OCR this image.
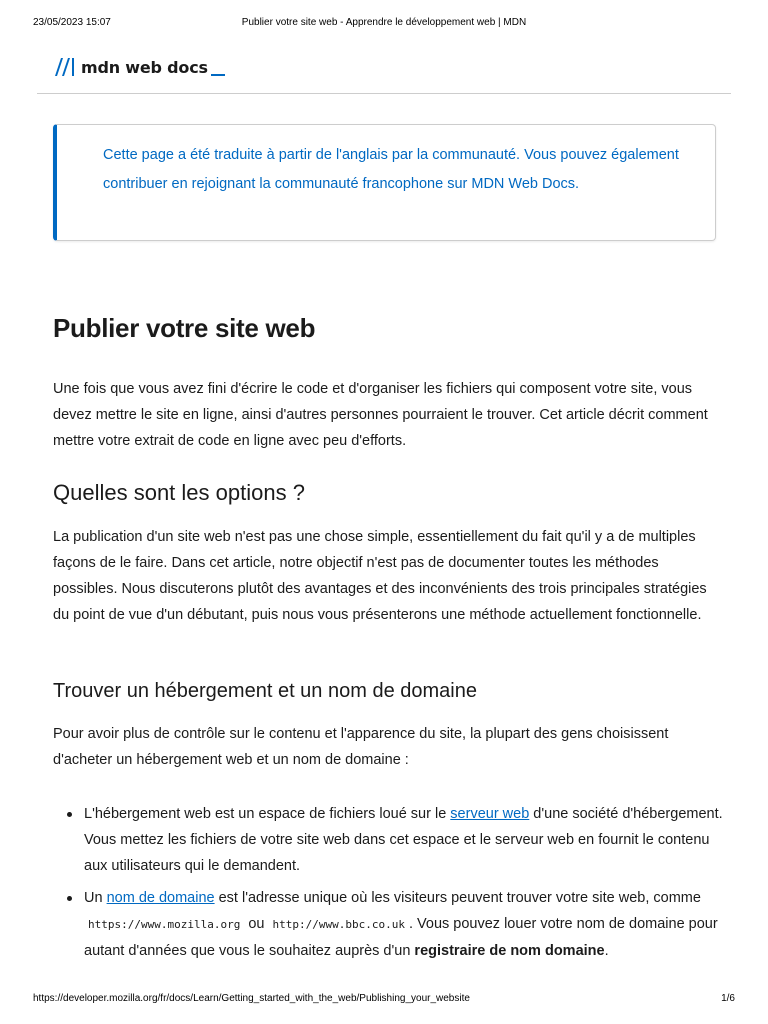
23/05/2023 15:07	Publier votre site web - Apprendre le développement web | MDN
mdn web docs

Cette page a été traduite à partir de l'anglais par la communauté. Vous pouvez également contribuer en rejoignant la communauté francophone sur MDN Web Docs.

Publier votre site web

Une fois que vous avez fini d'écrire le code et d'organiser les fichiers qui composent votre site, vous devez mettre le site en ligne, ainsi d'autres personnes pourraient le trouver. Cet article décrit comment mettre votre extrait de code en ligne avec peu d'efforts.

Quelles sont les options ?

La publication d'un site web n'est pas une chose simple, essentiellement du fait qu'il y a de multiples façons de le faire. Dans cet article, notre objectif n'est pas de documenter toutes les méthodes possibles. Nous discuterons plutôt des avantages et des inconvénients des trois principales stratégies du point de vue d'un débutant, puis nous vous présenterons une méthode actuellement fonctionnelle.

Trouver un hébergement et un nom de domaine

Pour avoir plus de contrôle sur le contenu et l'apparence du site, la plupart des gens choisissent d'acheter un hébergement web et un nom de domaine :

L'hébergement web est un espace de fichiers loué sur le serveur web d'une société d'hébergement. Vous mettez les fichiers de votre site web dans cet espace et le serveur web en fournit le contenu aux utilisateurs qui le demandent.
Un nom de domaine est l'adresse unique où les visiteurs peuvent trouver votre site web, comme https://www.mozilla.org ou http://www.bbc.co.uk . Vous pouvez louer votre nom de domaine pour autant d'années que vous le souhaitez auprès d'un registraire de nom domaine.
https://developer.mozilla.org/fr/docs/Learn/Getting_started_with_the_web/Publishing_your_website	1/6
